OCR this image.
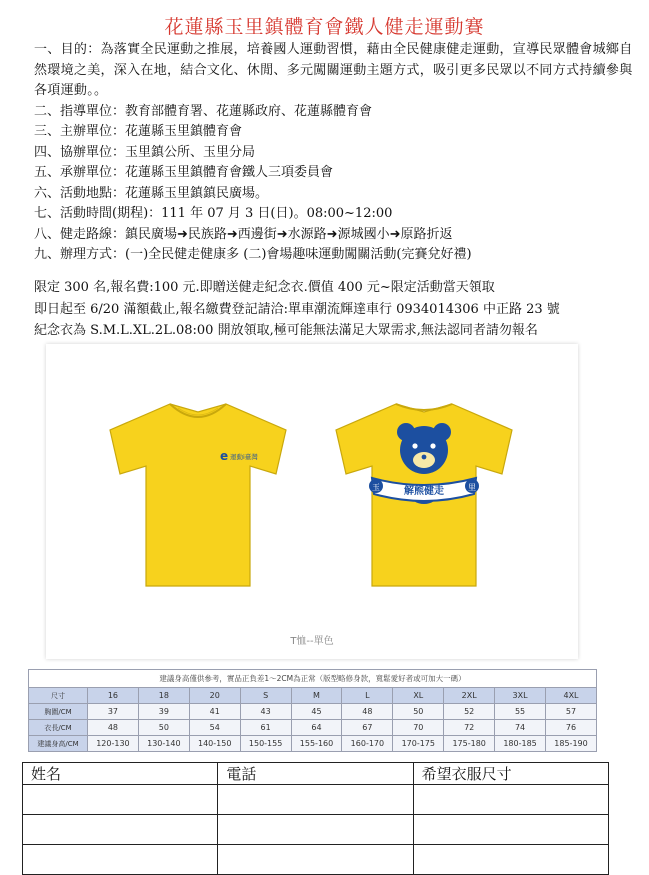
花蓮縣玉里鎮體育會鐵人健走運動賽

一、目的：為落實全民運動之推展，培養國人運動習慣，藉由全民健康健走運動，宣導民眾體會城鄉自然環境之美，深入在地，結合文化、休閒、多元闖關運動主題方式，吸引更多民眾以不同方式持續參與各項運動。。

二、指導單位：教育部體育署、花蓮縣政府、花蓮縣體育會

三、主辦單位：花蓮縣玉里鎮體育會

四、協辦單位：玉里鎮公所、玉里分局

五、承辦單位：花蓮縣玉里鎮體育會鐵人三項委員會

六、活動地點：花蓮縣玉里鎮鎮民廣場。

七、活動時間(期程)：111 年 07 月 3 日(日)。08:00~12:00

八、健走路線：鎮民廣場➜民族路➜西邊街➜水源路➜源城國小➜原路折返

九、辦理方式：(一)全民健走健康多 (二)會場趣味運動闖關活動(完賽兌好禮)

限定 300 名,報名費:100 元.即贈送健走紀念衣.價值 400 元~限定活動當天領取

即日起至 6/20 滿額截止,報名繳費登記請洽:單車潮流輝達車行 0934014306 中正路 23 號

紀念衣為 S.M.L.XL.2L.08:00 開放領取,極可能無法滿足大眾需求,無法認同者請勿報名

e 運動i臺灣
玉	里
解熊健走
T恤--單色
建議身高僅供參考，實品正負差1～2CM為正常（版型略修身款，寬鬆愛好者或可加大一碼）										
尺寸	16	18	20	S	M	L	XL	2XL	3XL	4XL
胸圍/CM	37	39	41	43	45	48	50	52	55	57
衣長/CM	48	50	54	61	64	67	70	72	74	76
建議身高/CM	120-130	130-140	140-150	150-155	155-160	160-170	170-175	175-180	180-185	185-190
姓名	電話	希望衣服尺寸
